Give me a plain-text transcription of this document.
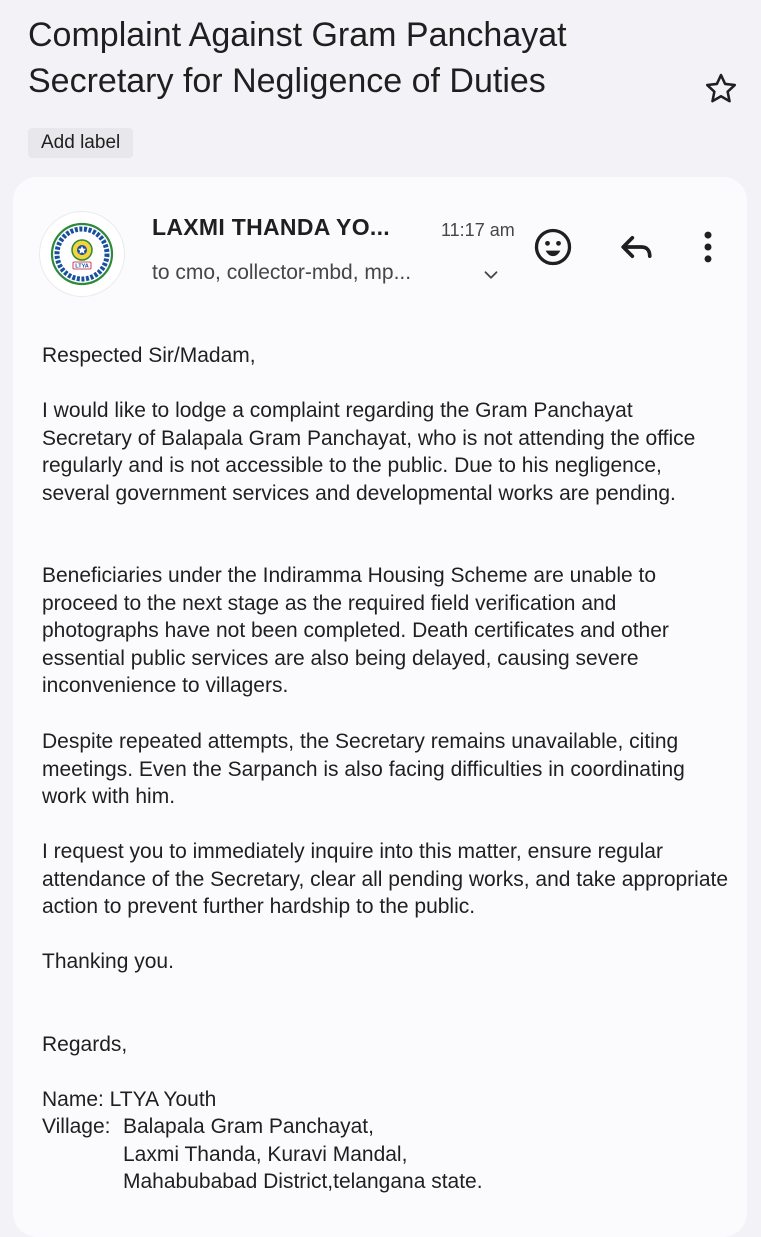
Complaint Against Gram Panchayat Secretary for Negligence of Duties
Add label
LTYA
LAXMI THANDA YO...	11:17 am
to cmo, collector-mbd, mp...

Respected Sir/Madam,

I would like to lodge a complaint regarding the Gram Panchayat Secretary of Balapala Gram Panchayat, who is not attending the office regularly and is not accessible to the public. Due to his negligence, several government services and developmental works are pending.

Beneficiaries under the Indiramma Housing Scheme are unable to proceed to the next stage as the required field verification and photographs have not been completed. Death certificates and other essential public services are also being delayed, causing severe inconvenience to villagers.

Despite repeated attempts, the Secretary remains unavailable, citing meetings. Even the Sarpanch is also facing difficulties in coordinating work with him.

I request you to immediately inquire into this matter, ensure regular attendance of the Secretary, clear all pending works, and take appropriate action to prevent further hardship to the public.

Thanking you.

Regards,

Name: LTYA Youth
Village: Balapala Gram Panchayat,
Laxmi Thanda, Kuravi Mandal,
Mahabubabad District,telangana state.
